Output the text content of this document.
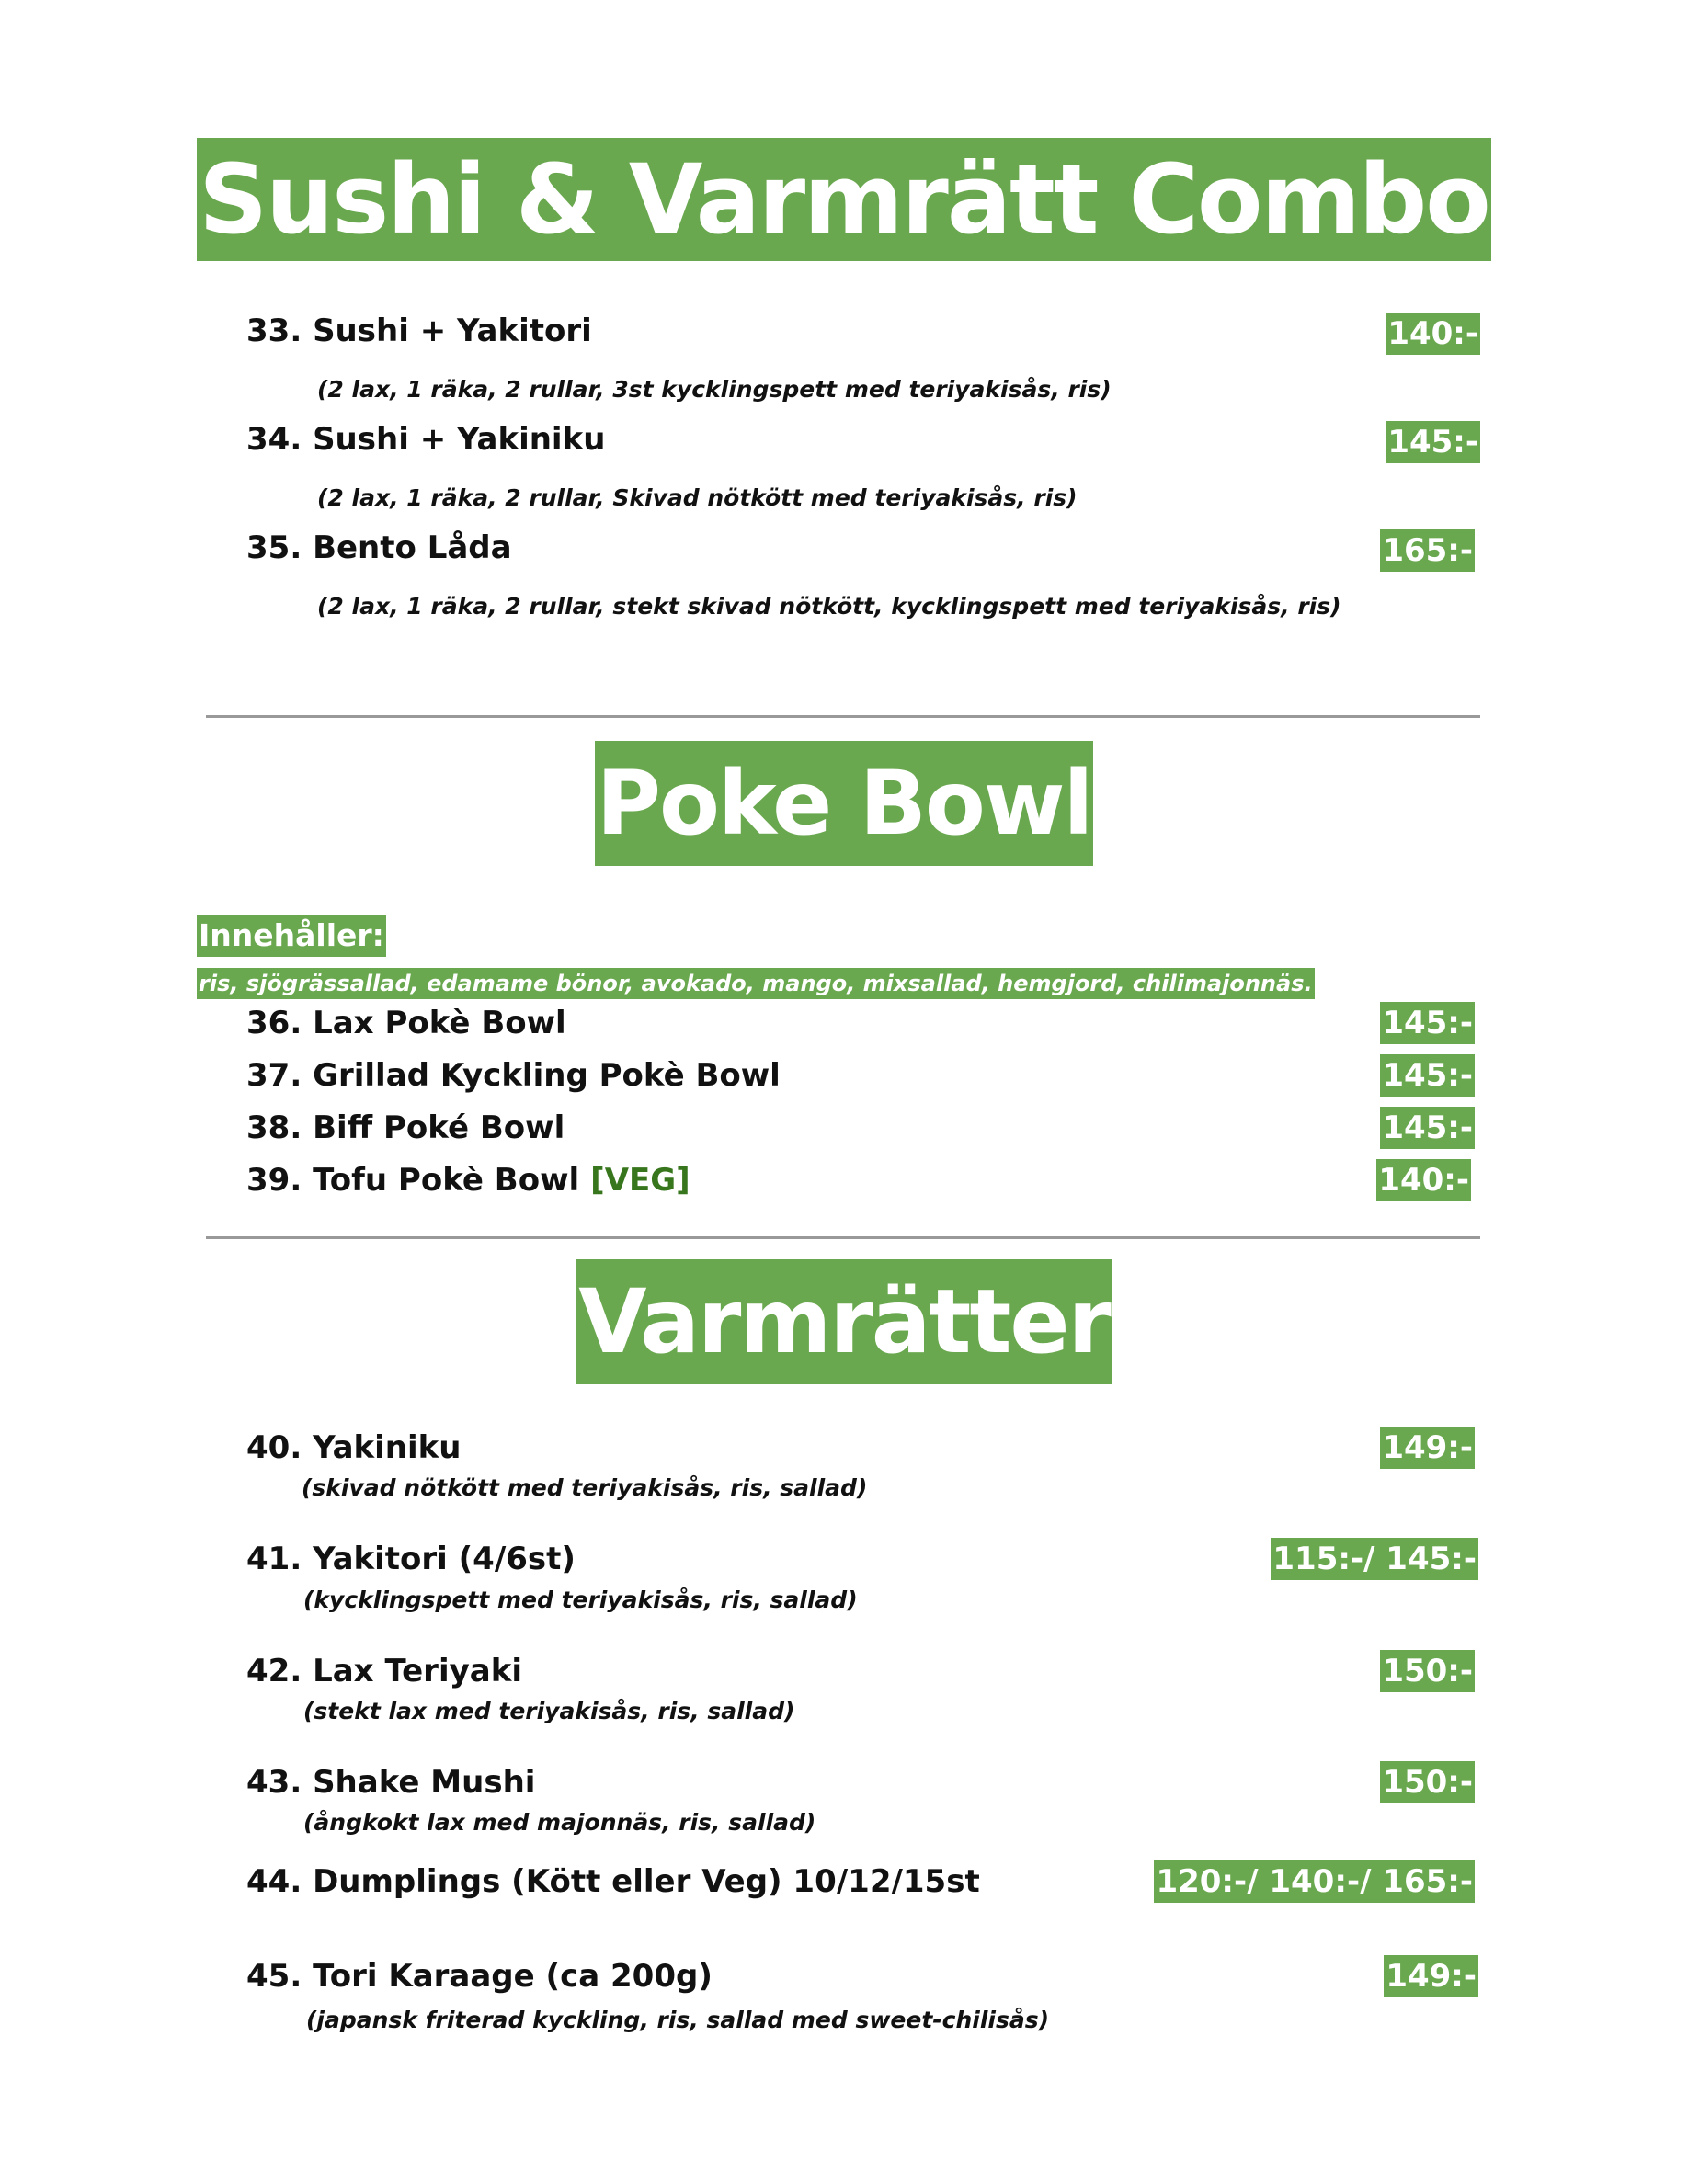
Sushi & Varmrätt Combo
33. Sushi + Yakitori	140:-
(2 lax, 1 räka, 2 rullar, 3st kycklingspett med teriyakisås, ris)
34. Sushi + Yakiniku	145:-
(2 lax, 1 räka, 2 rullar, Skivad nötkött med teriyakisås, ris)
35. Bento Låda	165:-
(2 lax, 1 räka, 2 rullar, stekt skivad nötkött, kycklingspett med teriyakisås, ris)
Poke Bowl
Innehåller:
ris, sjögrässallad, edamame bönor, avokado, mango, mixsallad, hemgjord, chilimajonnäs.
36. Lax Pokè Bowl	145:-
37. Grillad Kyckling Pokè Bowl	145:-
38. Biff Poké Bowl	145:-
39. Tofu Pokè Bowl [VEG]	140:-
Varmrätter
40. Yakiniku	149:-
(skivad nötkött med teriyakisås, ris, sallad)
41. Yakitori (4/6st)	115:-/ 145:-
(kycklingspett med teriyakisås, ris, sallad)
42. Lax Teriyaki	150:-
(stekt lax med teriyakisås, ris, sallad)
43. Shake Mushi	150:-
(ångkokt lax med majonnäs, ris, sallad)
44. Dumplings (Kött eller Veg) 10/12/15st	120:-/ 140:-/ 165:-
45. Tori Karaage (ca 200g)	149:-
(japansk friterad kyckling, ris, sallad med sweet-chilisås)
